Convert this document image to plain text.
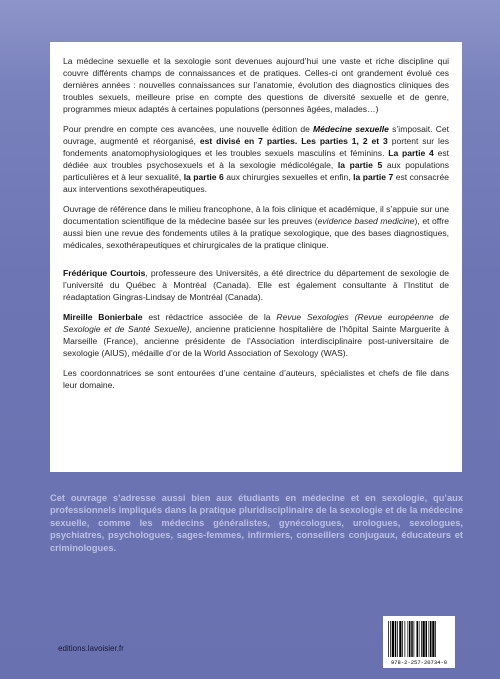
La médecine sexuelle et la sexologie sont devenues aujourd’hui une vaste et riche discipline qui couvre différents champs de connaissances et de pratiques. Celles-ci ont grandement évolué ces dernières années : nouvelles connaissances sur l’anatomie, évolution des diagnostics cliniques des troubles sexuels, meilleure prise en compte des questions de diversité sexuelle et de genre, programmes mieux adaptés à certaines populations (personnes âgées, malades…)

Pour prendre en compte ces avancées, une nouvelle édition de Médecine sexuelle s’imposait. Cet ouvrage, augmenté et réorganisé, est divisé en 7 parties. Les parties 1, 2 et 3 portent sur les fondements anatomophysiologiques et les troubles sexuels masculins et féminins. La partie 4 est dédiée aux troubles psychosexuels et à la sexologie médicolégale, la partie 5 aux populations particulières et à leur sexualité, la partie 6 aux chirurgies sexuelles et enfin, la partie 7 est consacrée aux interventions sexothérapeutiques.

Ouvrage de référence dans le milieu francophone, à la fois clinique et académique, il s’appuie sur une documentation scientifique de la médecine basée sur les preuves (evidence based medicine), et offre aussi bien une revue des fondements utiles à la pratique sexologique, que des bases diagnostiques, médicales, sexothérapeutiques et chirurgicales de la pratique clinique.

Frédérique Courtois, professeure des Universités, a été directrice du département de sexologie de l’université du Québec à Montréal (Canada). Elle est également consultante à l’Institut de réadaptation Gingras-Lindsay de Montréal (Canada).

Mireille Bonierbale est rédactrice associée de la Revue Sexologies (Revue européenne de Sexologie et de Santé Sexuelle), ancienne praticienne hospitalière de l’hôpital Sainte Marguerite à Marseille (France), ancienne présidente de l’Association interdisciplinaire post-universitaire de sexologie (AIUS), médaille d’or de la World Association of Sexology (WAS).

Les coordonnatrices se sont entourées d’une centaine d’auteurs, spécialistes et chefs de file dans leur domaine.

Cet ouvrage s’adresse aussi bien aux étudiants en médecine et en sexologie, qu’aux professionnels impliqués dans la pratique pluridisciplinaire de la sexologie et de la médecine sexuelle, comme les médecins généralistes, gynécologues, urologues, sexologues, psychiatres, psychologues, sages-femmes, infirmiers, conseillers conjugaux, éducateurs et criminologues.

editions.lavoisier.fr
978-2-257-20734-0
